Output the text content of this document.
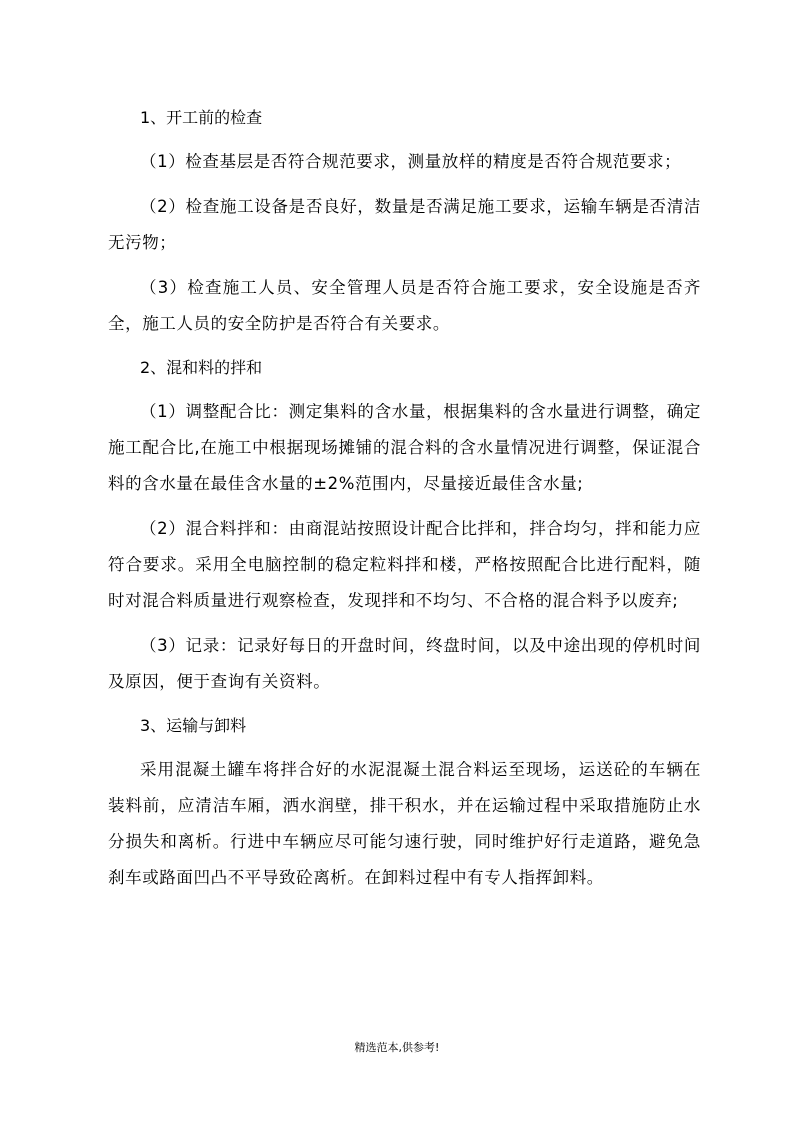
1、开工前的检查

（1）检查基层是否符合规范要求，测量放样的精度是否符合规范要求；

（2）检查施工设备是否良好，数量是否满足施工要求，运输车辆是否清洁无污物；

（3）检查施工人员、安全管理人员是否符合施工要求，安全设施是否齐全，施工人员的安全防护是否符合有关要求。

2、混和料的拌和

（1）调整配合比：测定集料的含水量，根据集料的含水量进行调整，确定施工配合比,在施工中根据现场摊铺的混合料的含水量情况进行调整，保证混合料的含水量在最佳含水量的±2%范围内，尽量接近最佳含水量;

（2）混合料拌和：由商混站按照设计配合比拌和，拌合均匀，拌和能力应符合要求。采用全电脑控制的稳定粒料拌和楼，严格按照配合比进行配料，随时对混合料质量进行观察检查，发现拌和不均匀、不合格的混合料予以废弃;

（3）记录：记录好每日的开盘时间，终盘时间，以及中途出现的停机时间及原因，便于查询有关资料。

3、运输与卸料

采用混凝土罐车将拌合好的水泥混凝土混合料运至现场，运送砼的车辆在装料前，应清洁车厢，洒水润壁，排干积水，并在运输过程中采取措施防止水分损失和离析。行进中车辆应尽可能匀速行驶，同时维护好行走道路，避免急刹车或路面凹凸不平导致砼离析。在卸料过程中有专人指挥卸料。

精选范本,供参考!
